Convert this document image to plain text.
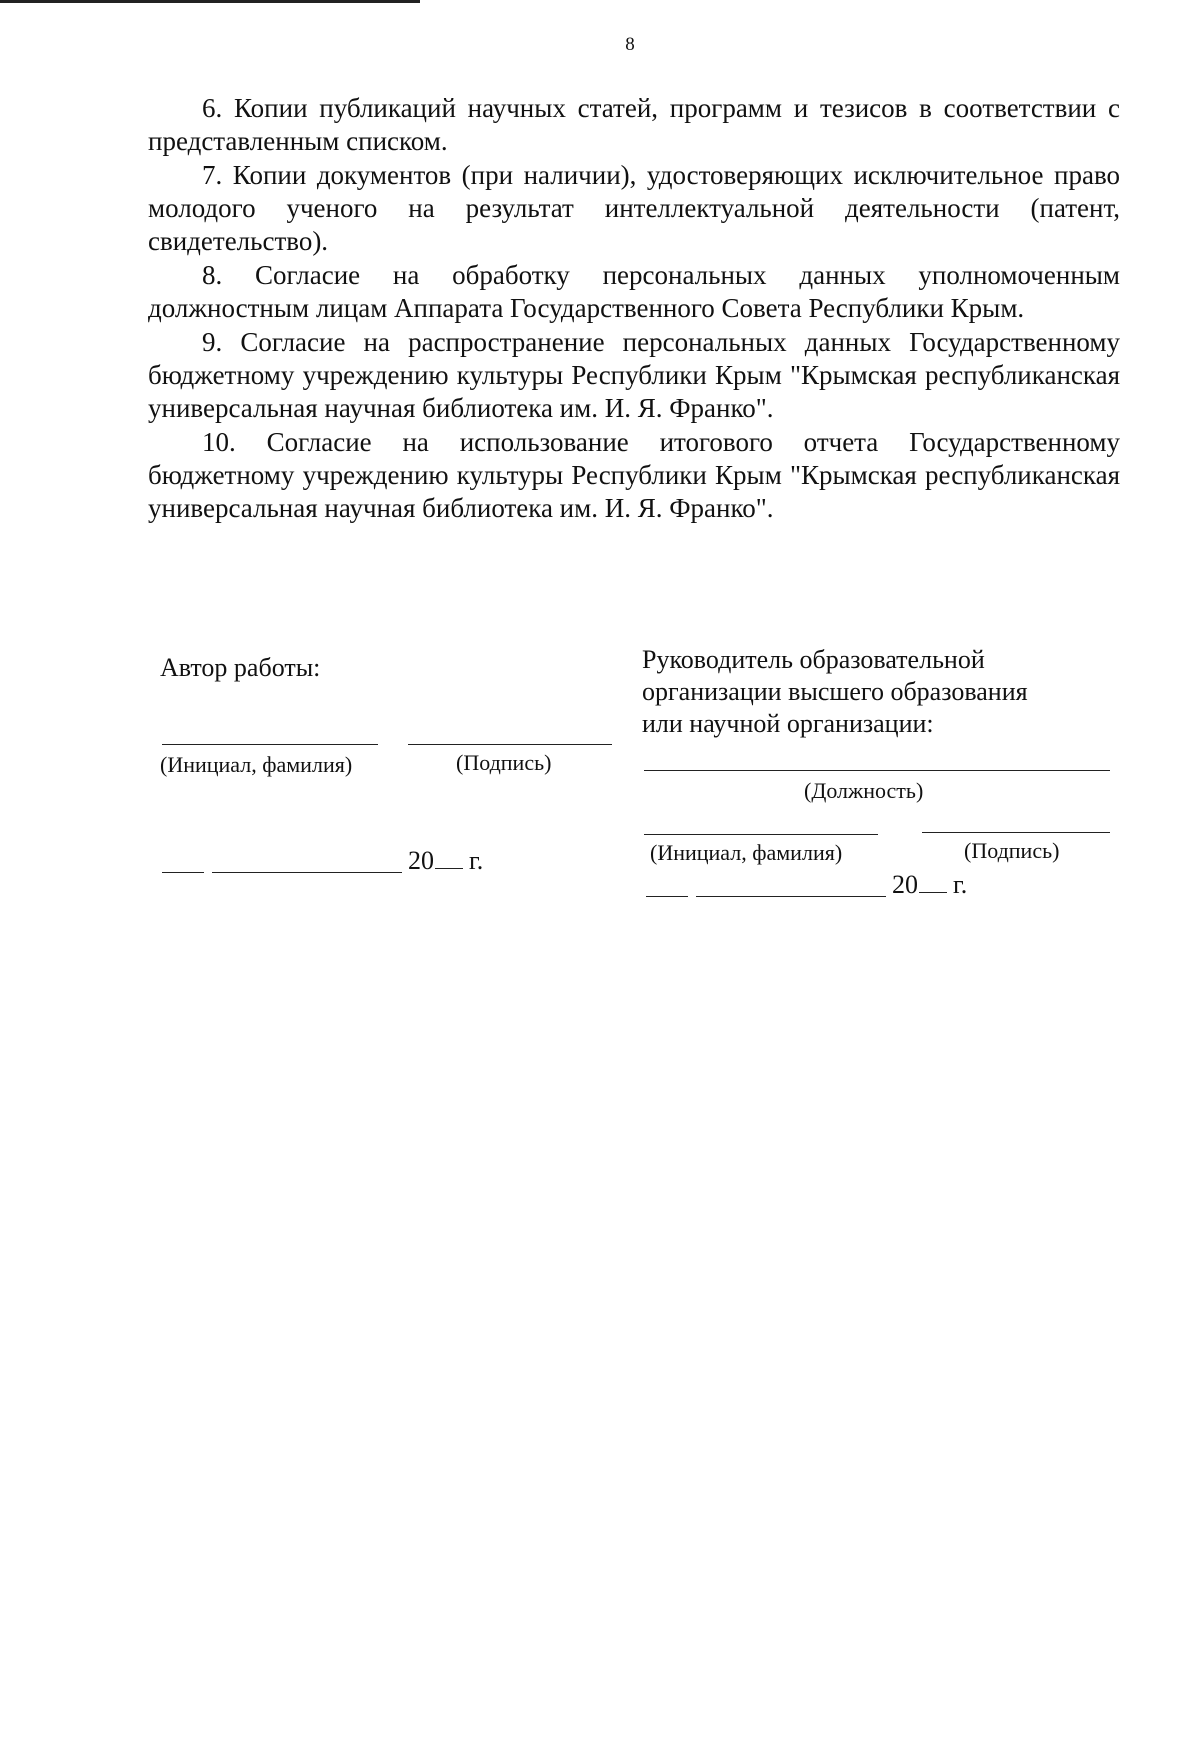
8

6. Копии публикаций научных статей, программ и тезисов в соответствии с представленным списком.

7. Копии документов (при наличии), удостоверяющих исключительное право молодого ученого на результат интеллектуальной деятельности (патент, свидетельство).

8. Согласие на обработку персональных данных уполномоченным должностным лицам Аппарата Государственного Совета Республики Крым.

9. Согласие на распространение персональных данных Государственному бюджетному учреждению культуры Республики Крым "Крымская республиканская универсальная научная библиотека им. И. Я. Франко".

10. Согласие на использование итогового отчета Государственному бюджетному учреждению культуры Республики Крым "Крымская республиканская универсальная научная библиотека им. И. Я. Франко".

Автор работы:
(Инициал, фамилия)	(Подпись)
20 г.
Руководитель образовательной
организации высшего образования
или научной организации:
(Должность)
(Инициал, фамилия)	(Подпись)
20 г.
